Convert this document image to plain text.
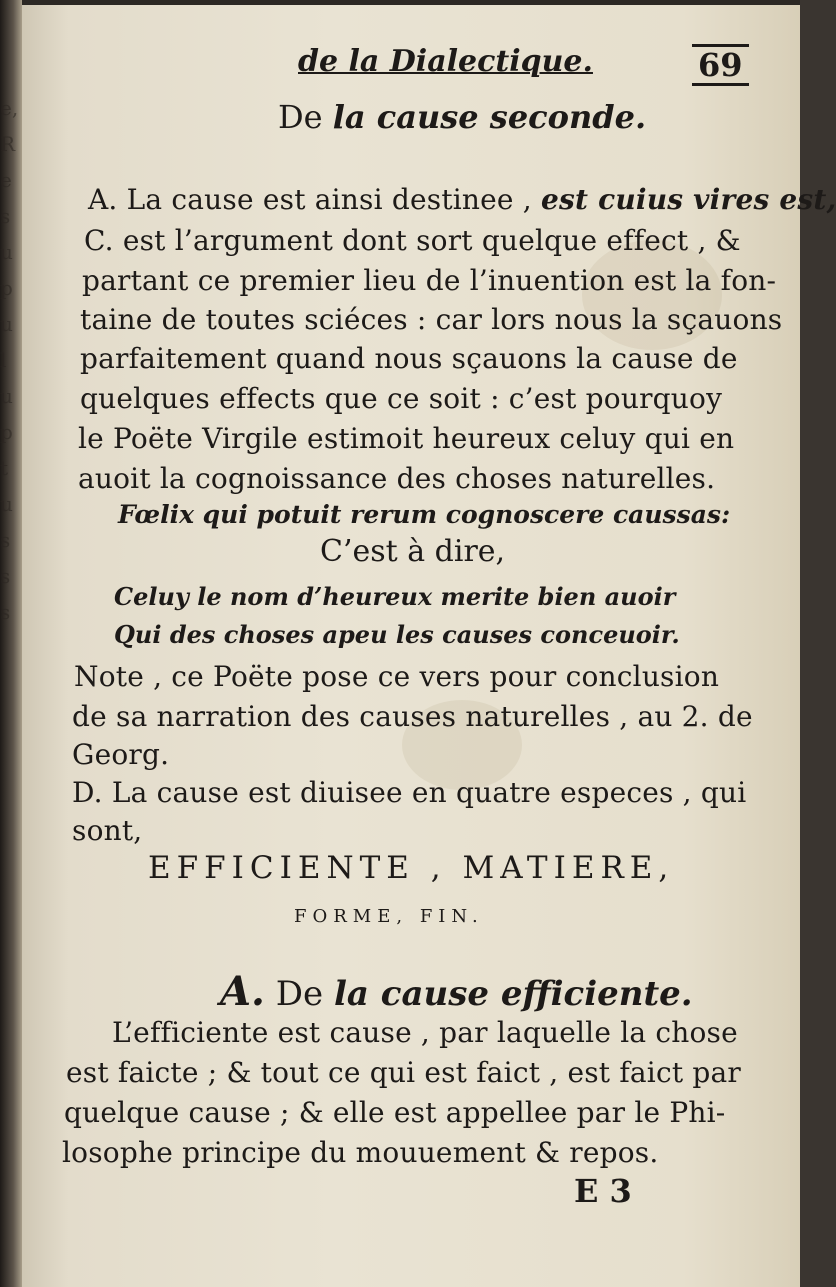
e,
R
e
s
u
p
u
l
u
p
t
u
s
s
s
de la Dialectique.	69
De la cause seconde.
A. La cause est ainsi destinee , est cuius vires est,
C. est l’argument dont sort quelque effect , &
partant ce premier lieu de l’inuention est la fon-
taine de toutes sciéces : car lors nous la sçauons
parfaitement quand nous sçauons la cause de
quelques effects que ce soit : c’est pourquoy
le Poëte Virgile estimoit heureux celuy qui en
auoit la cognoissance des choses naturelles.
Fœlix qui potuit rerum cognoscere caussas:
C’est à dire,
Celuy le nom d’heureux merite bien auoir
Qui des choses apeu les causes conceuoir.
Note , ce Poëte pose ce vers pour conclusion
de sa narration des causes naturelles , au 2. de
Georg.
D. La cause est diuisee en quatre especes , qui
sont,
EFFICIENTE , MATIERE,
FORME, FIN.
A. De la cause efficiente.
L’efficiente est cause , par laquelle la chose
est faicte ; & tout ce qui est faict , est faict par
quelque cause ; & elle est appellee par le Phi-
losophe principe du mouuement & repos.
E 3
